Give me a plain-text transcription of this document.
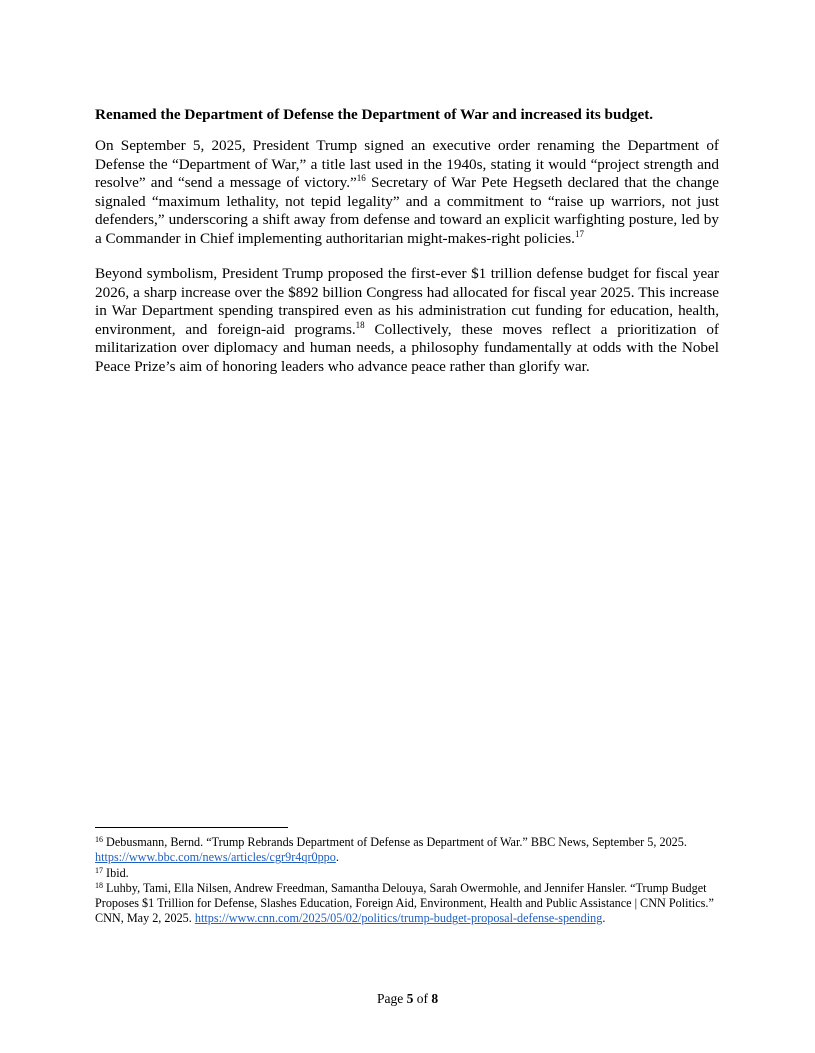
Renamed the Department of Defense the Department of War and increased its budget.

On September 5, 2025, President Trump signed an executive order renaming the Department of Defense the “Department of War,” a title last used in the 1940s, stating it would “project strength and resolve” and “send a message of victory.”$^{16}$ Secretary of War Pete Hegseth declared that the change signaled “maximum lethality, not tepid legality” and a commitment to “raise up warriors, not just defenders,” underscoring a shift away from defense and toward an explicit warfighting posture, led by a Commander in Chief implementing authoritarian might-makes-right policies.$^{17}$

Beyond symbolism, President Trump proposed the first-ever $1 trillion defense budget for fiscal year 2026, a sharp increase over the $892 billion Congress had allocated for fiscal year 2025. This increase in War Department spending transpired even as his administration cut funding for education, health, environment, and foreign-aid programs.$^{18}$ Collectively, these moves reflect a prioritization of militarization over diplomacy and human needs, a philosophy fundamentally at odds with the Nobel Peace Prize’s aim of honoring leaders who advance peace rather than glorify war.

$^{16}$ Debusmann, Bernd. “Trump Rebrands Department of Defense as Department of War.” BBC News, September 5, 2025. https://www.bbc.com/news/articles/cgr9r4qr0ppo.

$^{17}$ Ibid.

$^{18}$ Luhby, Tami, Ella Nilsen, Andrew Freedman, Samantha Delouya, Sarah Owermohle, and Jennifer Hansler. “Trump Budget Proposes $1 Trillion for Defense, Slashes Education, Foreign Aid, Environment, Health and Public Assistance | CNN Politics.” CNN, May 2, 2025. https://www.cnn.com/2025/05/02/politics/trump-budget-proposal-defense-spending.

Page 5 of 8
